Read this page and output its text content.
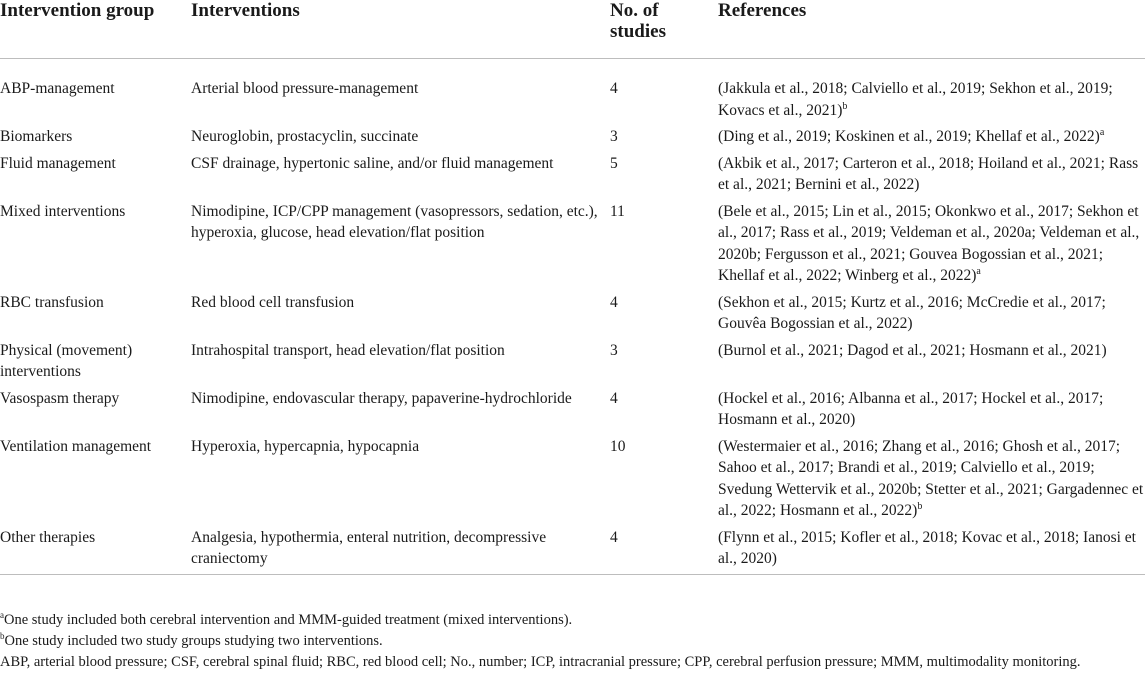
Intervention group	Interventions	No. of studies	References
ABP-management	Arterial blood pressure-management	4	(Jakkula et al., 2018; Calviello et al., 2019; Sekhon et al., 2019; Kovacs et al., 2021)$^b$
Biomarkers	Neuroglobin, prostacyclin, succinate	3	(Ding et al., 2019; Koskinen et al., 2019; Khellaf et al., 2022)$^a$
Fluid management	CSF drainage, hypertonic saline, and/or fluid management	5	(Akbik et al., 2017; Carteron et al., 2018; Hoiland et al., 2021; Rass et al., 2021; Bernini et al., 2022)
Mixed interventions	Nimodipine, ICP/CPP management (vasopressors, sedation, etc.), hyperoxia, glucose, head elevation/flat position	11	(Bele et al., 2015; Lin et al., 2015; Okonkwo et al., 2017; Sekhon et al., 2017; Rass et al., 2019; Veldeman et al., 2020a; Veldeman et al., 2020b; Fergusson et al., 2021; Gouvea Bogossian et al., 2021; Khellaf et al., 2022; Winberg et al., 2022)$^a$
RBC transfusion	Red blood cell transfusion	4	(Sekhon et al., 2015; Kurtz et al., 2016; McCredie et al., 2017; Gouvêa Bogossian et al., 2022)
Physical (movement) interventions	Intrahospital transport, head elevation/flat position	3	(Burnol et al., 2021; Dagod et al., 2021; Hosmann et al., 2021)
Vasospasm therapy	Nimodipine, endovascular therapy, papaverine-hydrochloride	4	(Hockel et al., 2016; Albanna et al., 2017; Hockel et al., 2017; Hosmann et al., 2020)
Ventilation management	Hyperoxia, hypercapnia, hypocapnia	10	(Westermaier et al., 2016; Zhang et al., 2016; Ghosh et al., 2017; Sahoo et al., 2017; Brandi et al., 2019; Calviello et al., 2019; Svedung Wettervik et al., 2020b; Stetter et al., 2021; Gargadennec et al., 2022; Hosmann et al., 2022)$^b$
Other therapies	Analgesia, hypothermia, enteral nutrition, decompressive craniectomy	4	(Flynn et al., 2015; Kofler et al., 2018; Kovac et al., 2018; Ianosi et al., 2020)
$^a$One study included both cerebral intervention and MMM-guided treatment (mixed interventions).
$^b$One study included two study groups studying two interventions.
ABP, arterial blood pressure; CSF, cerebral spinal fluid; RBC, red blood cell; No., number; ICP, intracranial pressure; CPP, cerebral perfusion pressure; MMM, multimodality monitoring.
